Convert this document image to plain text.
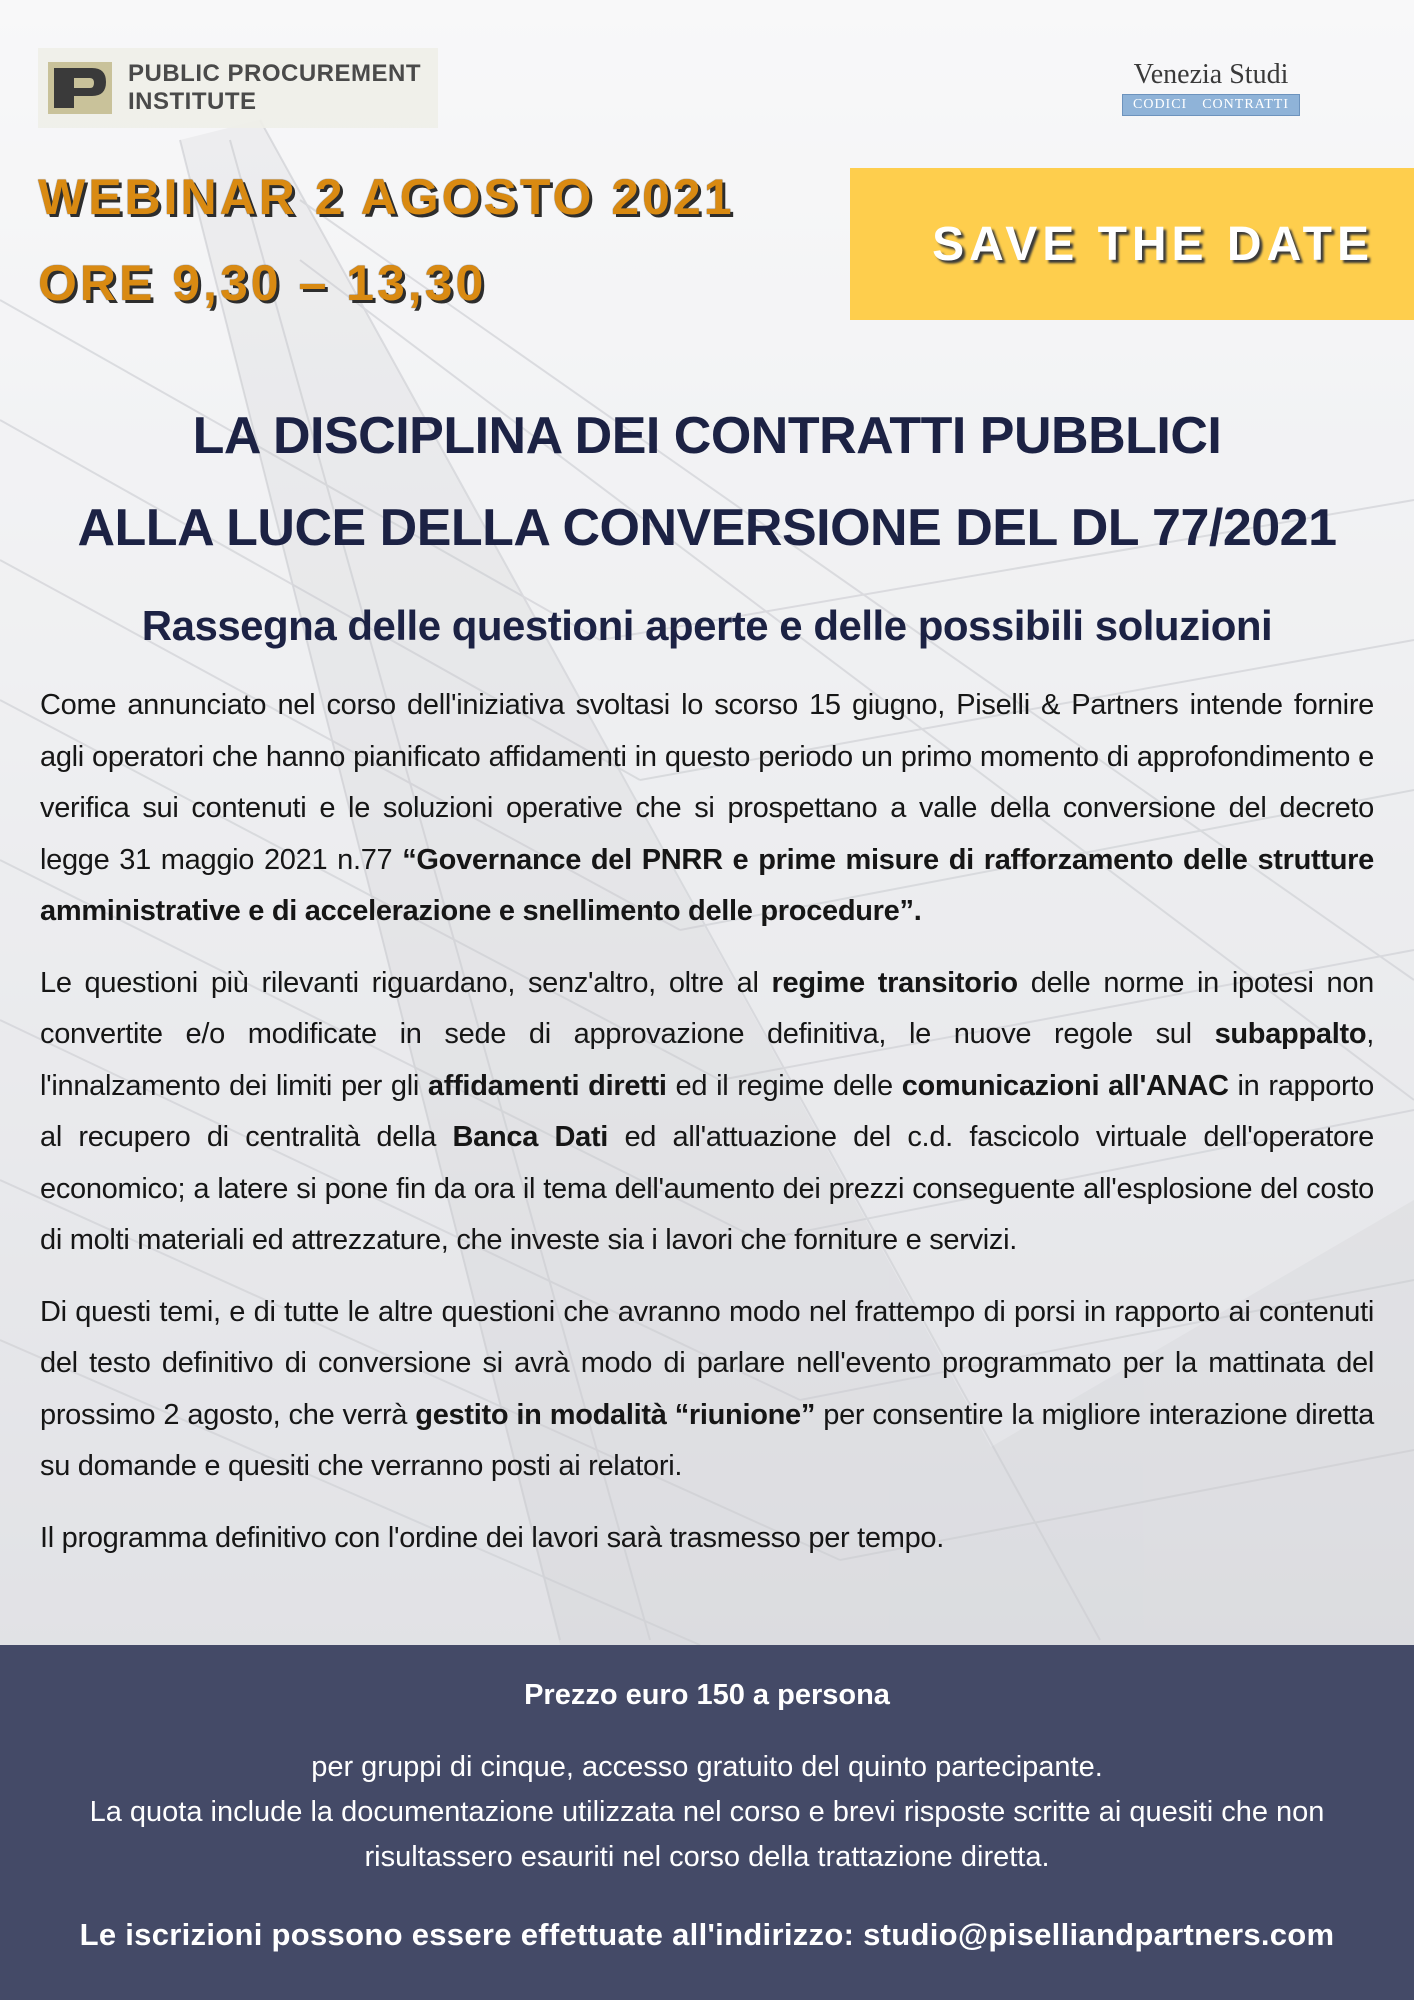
PUBLIC PROCUREMENT
INSTITUTE
Venezia Studi
CODICI CONTRATTI
WEBINAR 2 AGOSTO 2021
ORE 9,30 – 13,30
SAVE THE DATE
LA DISCIPLINA DEI CONTRATTI PUBBLICI
ALLA LUCE DELLA CONVERSIONE DEL DL 77/2021
Rassegna delle questioni aperte e delle possibili soluzioni

Come annunciato nel corso dell'iniziativa svoltasi lo scorso 15 giugno, Piselli & Partners intende fornire agli operatori che hanno pianificato affidamenti in questo periodo un primo momento di approfondimento e verifica sui contenuti e le soluzioni operative che si prospettano a valle della conversione del decreto legge 31 maggio 2021 n.77 “Governance del PNRR e prime misure di rafforzamento delle strutture amministrative e di accelerazione e snellimento delle procedure”.

Le questioni più rilevanti riguardano, senz'altro, oltre al regime transitorio delle norme in ipotesi non convertite e/o modificate in sede di approvazione definitiva, le nuove regole sul subappalto, l'innalzamento dei limiti per gli affidamenti diretti ed il regime delle comunicazioni all'ANAC in rapporto al recupero di centralità della Banca Dati ed all'attuazione del c.d. fascicolo virtuale dell'operatore economico; a latere si pone fin da ora il tema dell'aumento dei prezzi conseguente all'esplosione del costo di molti materiali ed attrezzature, che investe sia i lavori che forniture e servizi.

Di questi temi, e di tutte le altre questioni che avranno modo nel frattempo di porsi in rapporto ai contenuti del testo definitivo di conversione si avrà modo di parlare nell'evento programmato per la mattinata del prossimo 2 agosto, che verrà gestito in modalità “riunione” per consentire la migliore interazione diretta su domande e quesiti che verranno posti ai relatori.

Il programma definitivo con l'ordine dei lavori sarà trasmesso per tempo.

Prezzo euro 150 a persona
per gruppi di cinque, accesso gratuito del quinto partecipante.
La quota include la documentazione utilizzata nel corso e brevi risposte scritte ai quesiti che non risultassero esauriti nel corso della trattazione diretta.
Le iscrizioni possono essere effettuate all'indirizzo: studio@piselliandpartners.com
